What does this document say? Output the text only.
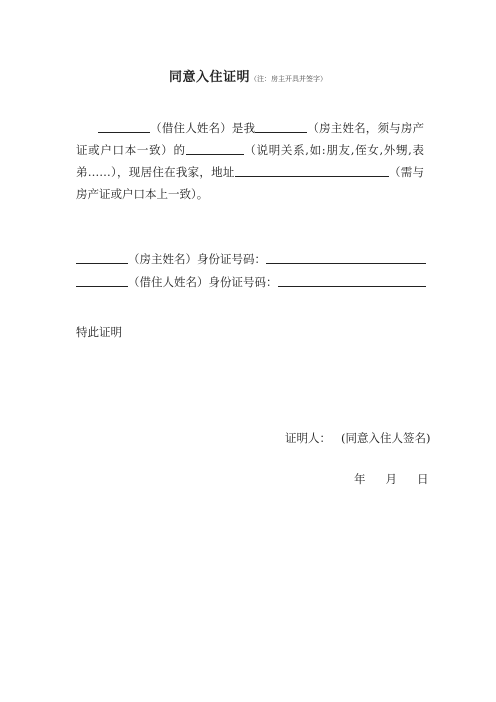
同意入住证明（注：房主开具并签字）

（借住人姓名）是我	（房主姓名，须与房产证或户口本一致）的	（说明关系,如:朋友,侄女,外甥,表弟……），现居住在我家，地址	（需与房产证或户口本上一致）。

（房主姓名）身份证号码：
（借住人姓名）身份证号码：
特此证明
证明人： (同意入住人签名)
年 月 日
